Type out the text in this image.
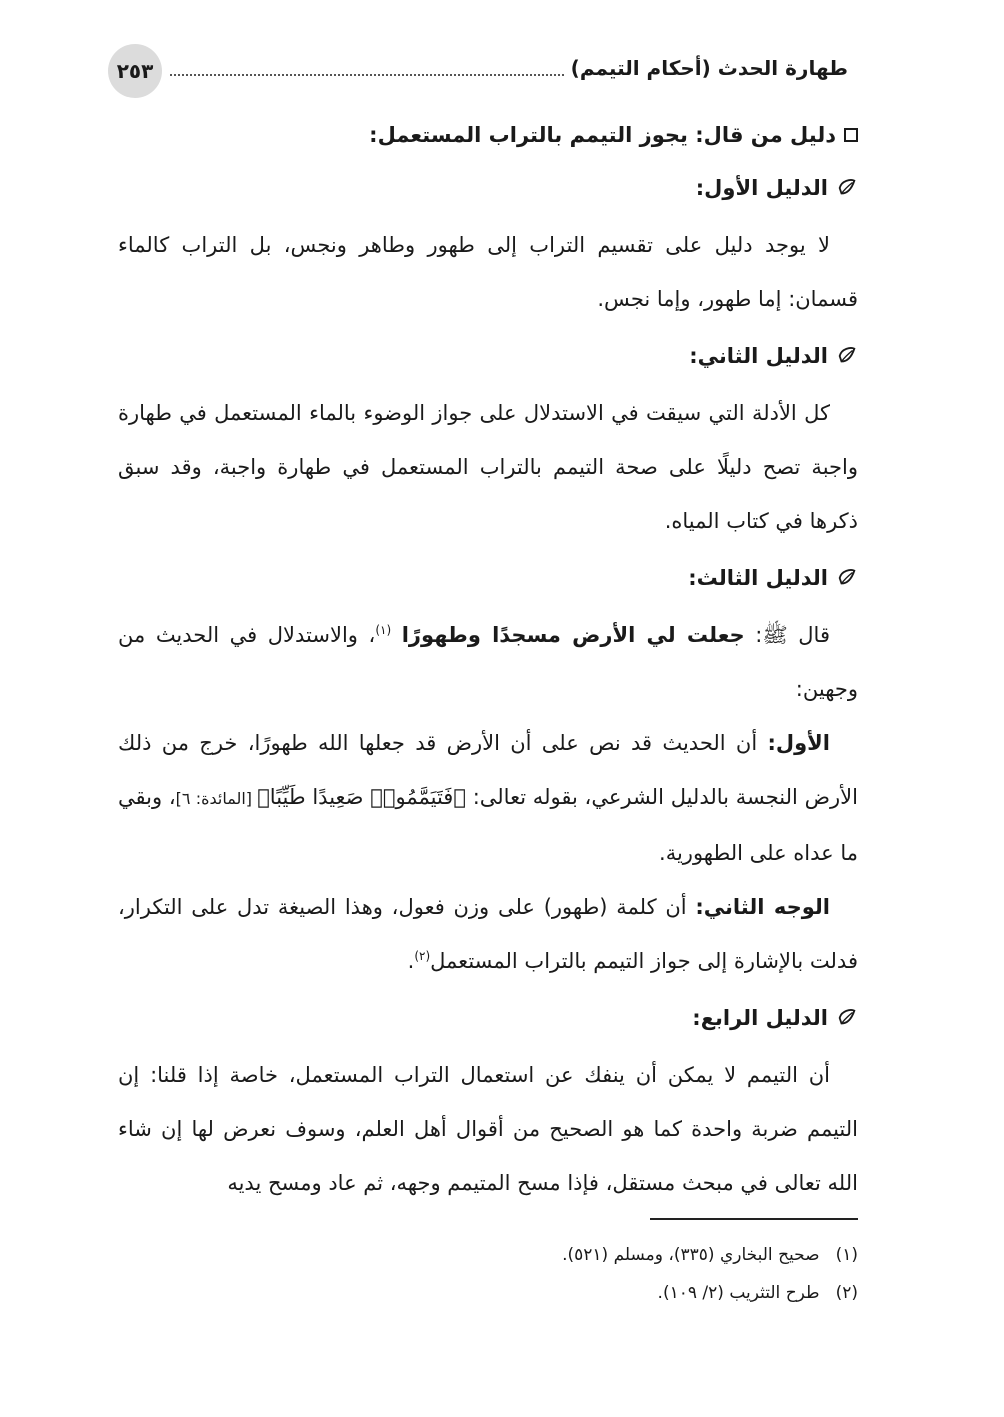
طهارة الحدث (أحكام التيمم)
٢٥٣
دليل من قال: يجوز التيمم بالتراب المستعمل:
الدليل الأول:

لا يوجد دليل على تقسيم التراب إلى طهور وطاهر ونجس، بل التراب كالماء قسمان: إما طهور، وإما نجس.

الدليل الثاني:

كل الأدلة التي سيقت في الاستدلال على جواز الوضوء بالماء المستعمل في طهارة واجبة تصح دليلًا على صحة التيمم بالتراب المستعمل في طهارة واجبة، وقد سبق ذكرها في كتاب المياه.

الدليل الثالث:

قال ﷺ: جعلت لي الأرض مسجدًا وطهورًا $^{(١)}$، والاستدلال في الحديث من وجهين:

الأول: أن الحديث قد نص على أن الأرض قد جعلها الله طهورًا، خرج من ذلك الأرض النجسة بالدليل الشرعي، بقوله تعالى: ﴿فَتَيَمَّمُوا۟ صَعِيدًا طَيِّبًا﴾ [المائدة: ٦]، وبقي ما عداه على الطهورية.

الوجه الثاني: أن كلمة (طهور) على وزن فعول، وهذا الصيغة تدل على التكرار، فدلت بالإشارة إلى جواز التيمم بالتراب المستعمل$^{(٢)}$.

الدليل الرابع:

أن التيمم لا يمكن أن ينفك عن استعمال التراب المستعمل، خاصة إذا قلنا: إن التيمم ضربة واحدة كما هو الصحيح من أقوال أهل العلم، وسوف نعرض لها إن شاء الله تعالى في مبحث مستقل، فإذا مسح المتيمم وجهه، ثم عاد ومسح يديه

(١)
صحيح البخاري (٣٣٥)، ومسلم (٥٢١).

(٢)
طرح التثريب (٢/ ١٠٩).
